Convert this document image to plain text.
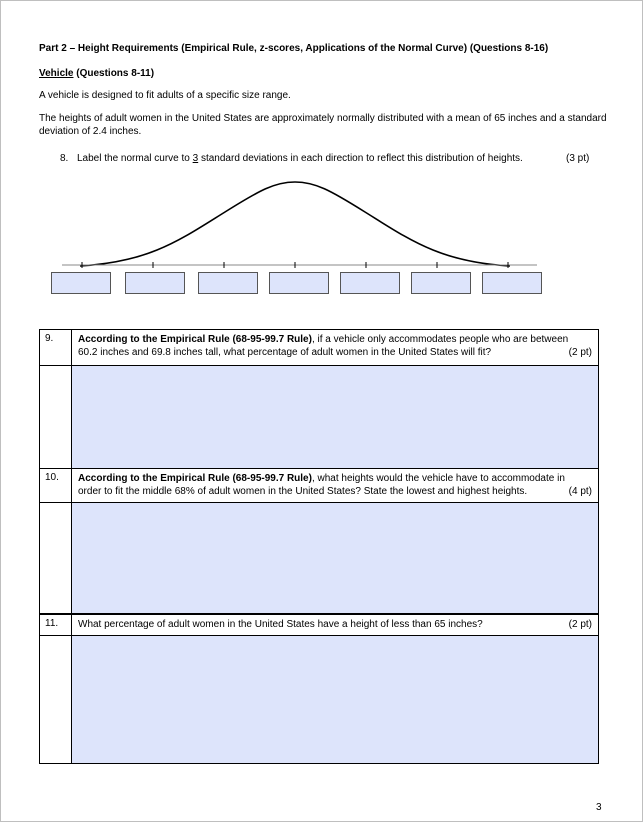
Part 2 – Height Requirements (Empirical Rule, z-scores, Applications of the Normal Curve) (Questions 8-16)
Vehicle (Questions 8-11)
A vehicle is designed to fit adults of a specific size range.
The heights of adult women in the United States are approximately normally distributed with a mean of 65 inches and a standard deviation of 2.4 inches.
8. Label the normal curve to 3 standard deviations in each direction to reflect this distribution of heights.	(3 pt)
9.	According to the Empirical Rule (68-95-99.7 Rule), if a vehicle only accommodates people who are between
60.2 inches and 69.8 inches tall, what percentage of adult women in the United States will fit? (2 pt)

10.	According to the Empirical Rule (68-95-99.7 Rule), what heights would the vehicle have to accommodate in
order to fit the middle 68% of adult women in the United States? State the lowest and highest heights. (4 pt)

11.	What percentage of adult women in the United States have a height of less than 65 inches? (2 pt)

3
